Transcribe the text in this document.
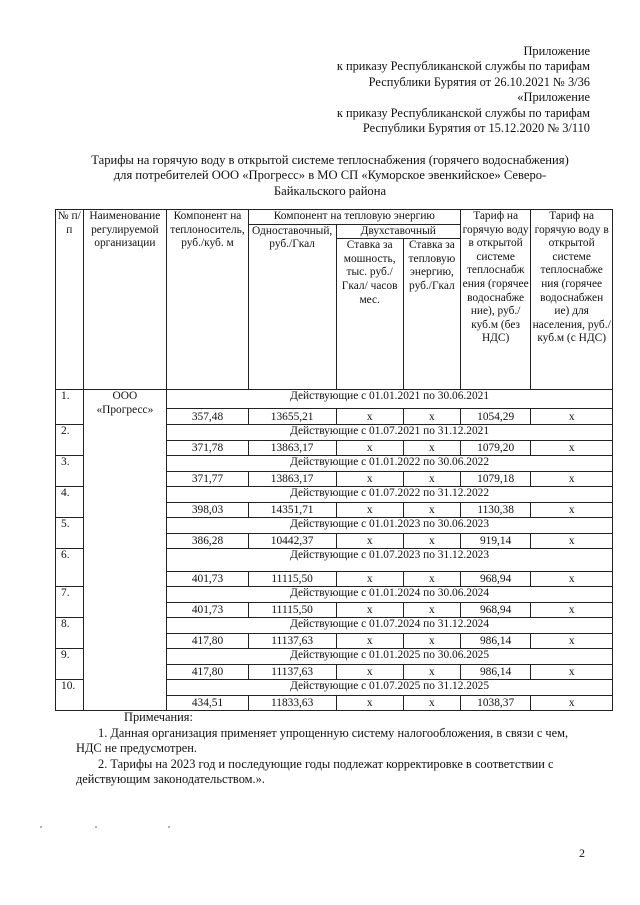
Приложение
к приказу Республиканской службы по тарифам
Республики Бурятия от 26.10.2021 № 3/36
«Приложение
к приказу Республиканской службы по тарифам
Республики Бурятия от 15.12.2020 № 3/110
Тарифы на горячую воду в открытой системе теплоснабжения (горячего водоснабжения)
для потребителей ООО «Прогресс» в МО СП «Куморское эвенкийское» Северо-
Байкальского района
№ п/п	Наименование регулируемой организации	Компонент на теплоноситель, руб./куб. м	Компонент на тепловую энергию			Тариф на горячую воду в открытой системе теплоснабж ения (горячее водоснабже ние), руб./куб.м (без НДС)	Тариф на горячую воду в открытой системе теплоснабже ния (горячее водоснабжен ие) для населения, руб./куб.м (с НДС)
			Одноставочный, руб./Гкал	Двухставочный			
				Ставка за мошность, тыс. руб./Гкал/ часов мес.	Ставка за тепловую энергию, руб./Гкал		
1.	ООО «Прогресс»	Действующие с 01.01.2021 по 30.06.2021					
		357,48	13655,21	x	x	1054,29	x
2.		Действующие с 01.07.2021 по 31.12.2021					
		371,78	13863,17	x	x	1079,20	x
3.		Действующие с 01.01.2022 по 30.06.2022					
		371,77	13863,17	x	x	1079,18	x
4.		Действующие с 01.07.2022 по 31.12.2022					
		398,03	14351,71	x	x	1130,38	x
5.		Действующие с 01.01.2023 по 30.06.2023					
		386,28	10442,37	x	x	919,14	x
6.		Действующие с 01.07.2023 по 31.12.2023					
		401,73	11115,50	x	x	968,94	x
7.		Действующие с 01.01.2024 по 30.06.2024					
		401,73	11115,50	x	x	968,94	x
8.		Действующие с 01.07.2024 по 31.12.2024					
		417,80	11137,63	x	x	986,14	x
9.		Действующие с 01.01.2025 по 30.06.2025					
		417,80	11137,63	x	x	986,14	x
10.		Действующие с 01.07.2025 по 31.12.2025					
		434,51	11833,63	x	x	1038,37	x
Примечания:
1. Данная организация применяет упрощенную систему налогообложения, в связи с чем, НДС не предусмотрен.
2. Тарифы на 2023 год и последующие годы подлежат корректировке в соответствии с действующим законодательством.».
2
